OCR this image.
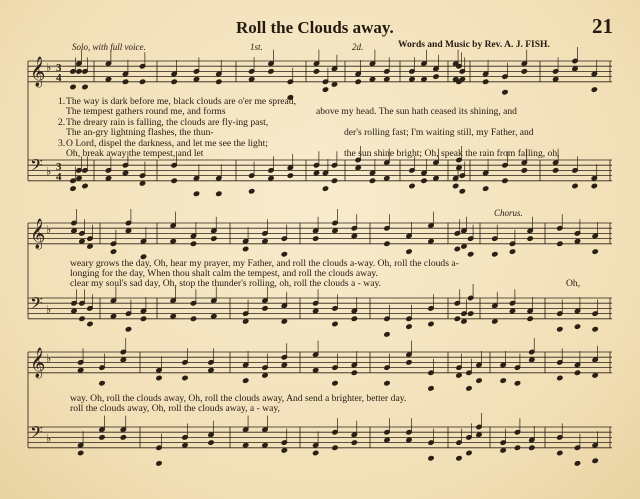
𝄞 ♭ 3
4
𝄢 ♭ 3
4
𝄞 ♭
𝄢 ♭
𝄞 ♭
𝄢 ♭
Roll the Clouds away.	21
Words and Music by Rev. A. J. FISH.
Solo, with full voice.	1st.	2d.
Chorus.
1.
2.
3.
The way is dark before me, black clouds are o'er me spread,
The tempest gathers round me, and forms
The dreary rain is falling, the clouds are fly-ing past,
The an-gry lightning flashes, the thun-
O Lord, dispel the darkness, and let me see the light;
Oh, break away the tempest, and let
above my head. The sun hath ceased its shining, and
der's rolling fast; I'm waiting still, my Father, and
the sun shine bright; Oh, speak the rain from falling, oh,
weary grows the day, Oh, hear my prayer, my Father, and roll the clouds a-way. Oh, roll the clouds a-
longing for the day, When thou shalt calm the tempest, and roll the clouds away.
clear my soul's sad day, Oh, stop the thunder's rolling, oh, roll the clouds a - way.	Oh,
way. Oh, roll the clouds away, Oh, roll the clouds away, And send a brighter, better day.
roll the clouds away, Oh, roll the clouds away, a - way,
